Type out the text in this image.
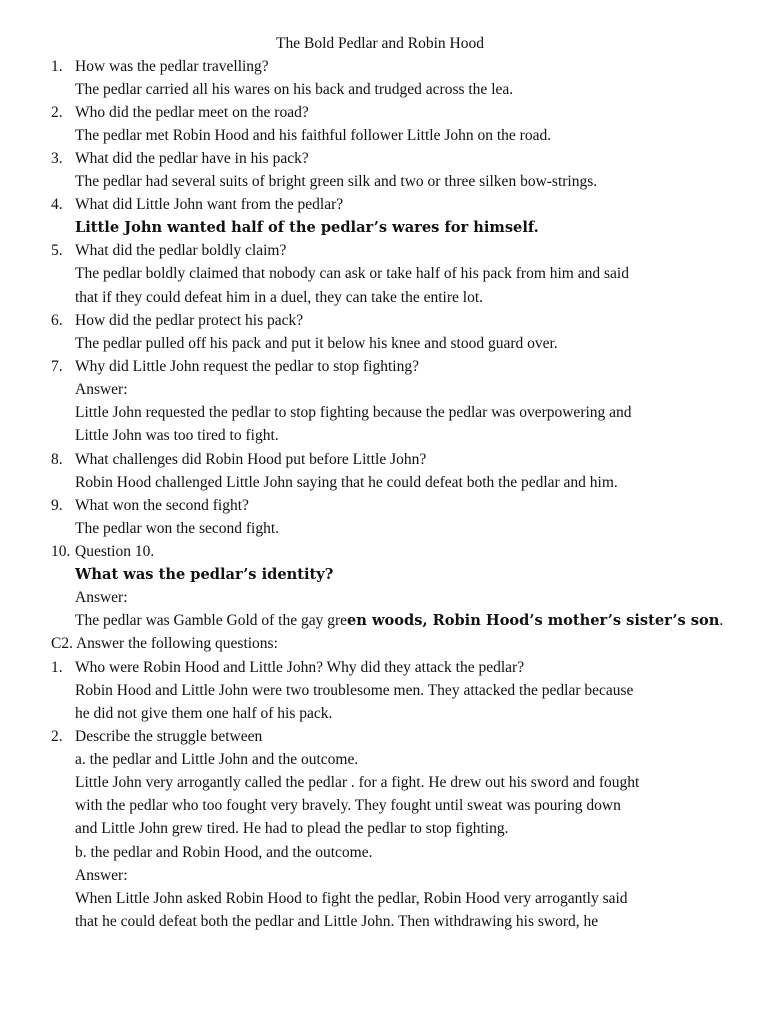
The Bold Pedlar and Robin Hood
1. How was the pedlar travelling?
The pedlar carried all his wares on his back and trudged across the lea.
2. Who did the pedlar meet on the road?
The pedlar met Robin Hood and his faithful follower Little John on the road.
3. What did the pedlar have in his pack?
The pedlar had several suits of bright green silk and two or three silken bow-strings.
4. What did Little John want from the pedlar?
Little John wanted half of the pedlar’s wares for himself.
5. What did the pedlar boldly claim?
The pedlar boldly claimed that nobody can ask or take half of his pack from him and said
that if they could defeat him in a duel, they can take the entire lot.
6. How did the pedlar protect his pack?
The pedlar pulled off his pack and put it below his knee and stood guard over.
7. Why did Little John request the pedlar to stop fighting?
Answer:
Little John requested the pedlar to stop fighting because the pedlar was overpowering and
Little John was too tired to fight.
8. What challenges did Robin Hood put before Little John?
Robin Hood challenged Little John saying that he could defeat both the pedlar and him.
9. What won the second fight?
The pedlar won the second fight.
10. Question 10.
What was the pedlar’s identity?
Answer:
The pedlar was Gamble Gold of the gay green woods, Robin Hood’s mother’s sister’s son.
C2. Answer the following questions:
1. Who were Robin Hood and Little John? Why did they attack the pedlar?
Robin Hood and Little John were two troublesome men. They attacked the pedlar because
he did not give them one half of his pack.
2. Describe the struggle between
a. the pedlar and Little John and the outcome.
Little John very arrogantly called the pedlar . for a fight. He drew out his sword and fought
with the pedlar who too fought very bravely. They fought until sweat was pouring down
and Little John grew tired. He had to plead the pedlar to stop fighting.
b. the pedlar and Robin Hood, and the outcome.
Answer:
When Little John asked Robin Hood to fight the pedlar, Robin Hood very arrogantly said
that he could defeat both the pedlar and Little John. Then withdrawing his sword, he
